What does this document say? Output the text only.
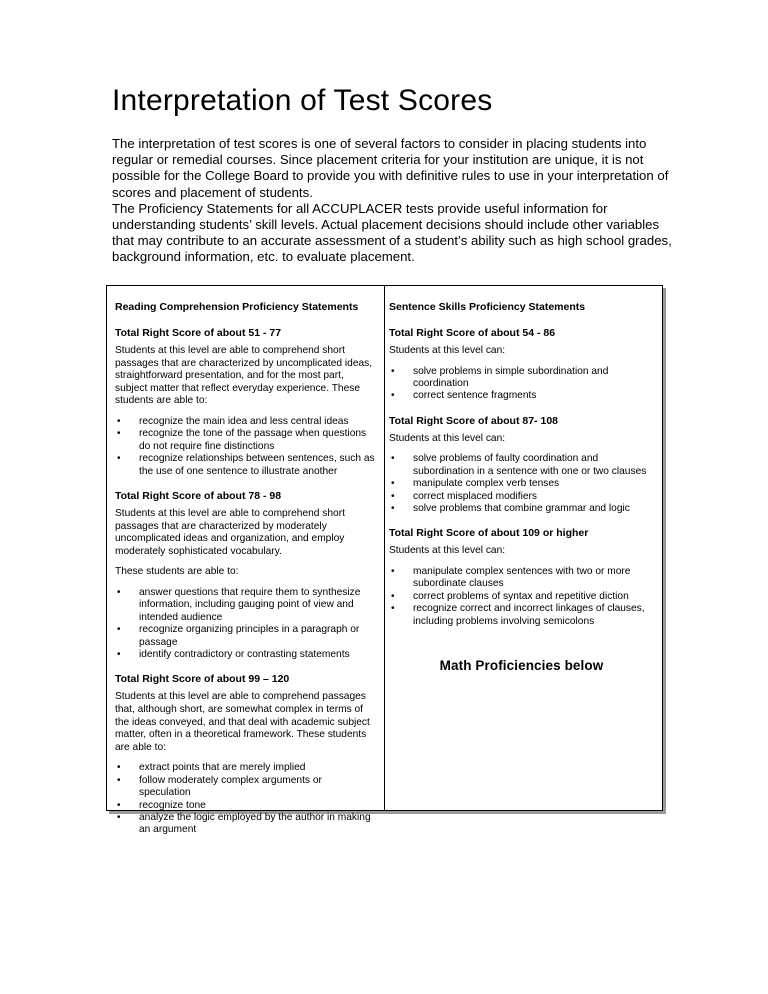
Interpretation of Test Scores

The interpretation of test scores is one of several factors to consider in placing students into regular or remedial courses. Since placement criteria for your institution are unique, it is not possible for the College Board to provide you with definitive rules to use in your interpretation of scores and placement of students.

The Proficiency Statements for all ACCUPLACER tests provide useful information for understanding students’ skill levels. Actual placement decisions should include other variables that may contribute to an accurate assessment of a student’s ability such as high school grades, background information, etc. to evaluate placement.

Reading Comprehension Proficiency Statements
Total Right Score of about 51 - 77

Students at this level are able to comprehend short passages that are characterized by uncomplicated ideas, straightforward presentation, and for the most part, subject matter that reflect everyday experience. These students are able to:

• recognize the main idea and less central ideas
• recognize the tone of the passage when questions do not require fine distinctions
• recognize relationships between sentences, such as the use of one sentence to illustrate another
Total Right Score of about 78 - 98

Students at this level are able to comprehend short passages that are characterized by moderately uncomplicated ideas and organization, and employ moderately sophisticated vocabulary.

These students are able to:

• answer questions that require them to synthesize information, including gauging point of view and intended audience
• recognize organizing principles in a paragraph or passage
• identify contradictory or contrasting statements
Total Right Score of about 99 – 120

Students at this level are able to comprehend passages that, although short, are somewhat complex in terms of the ideas conveyed, and that deal with academic subject matter, often in a theoretical framework. These students are able to:

• extract points that are merely implied
• follow moderately complex arguments or speculation
• recognize tone
• analyze the logic employed by the author in making an argument
Sentence Skills Proficiency Statements
Total Right Score of about 54 - 86

Students at this level can:

• solve problems in simple subordination and coordination
• correct sentence fragments
Total Right Score of about 87- 108

Students at this level can:

• solve problems of faulty coordination and subordination in a sentence with one or two clauses
• manipulate complex verb tenses
• correct misplaced modifiers
• solve problems that combine grammar and logic
Total Right Score of about 109 or higher

Students at this level can:

• manipulate complex sentences with two or more subordinate clauses
• correct problems of syntax and repetitive diction
• recognize correct and incorrect linkages of clauses, including problems involving semicolons
Math Proficiencies below
